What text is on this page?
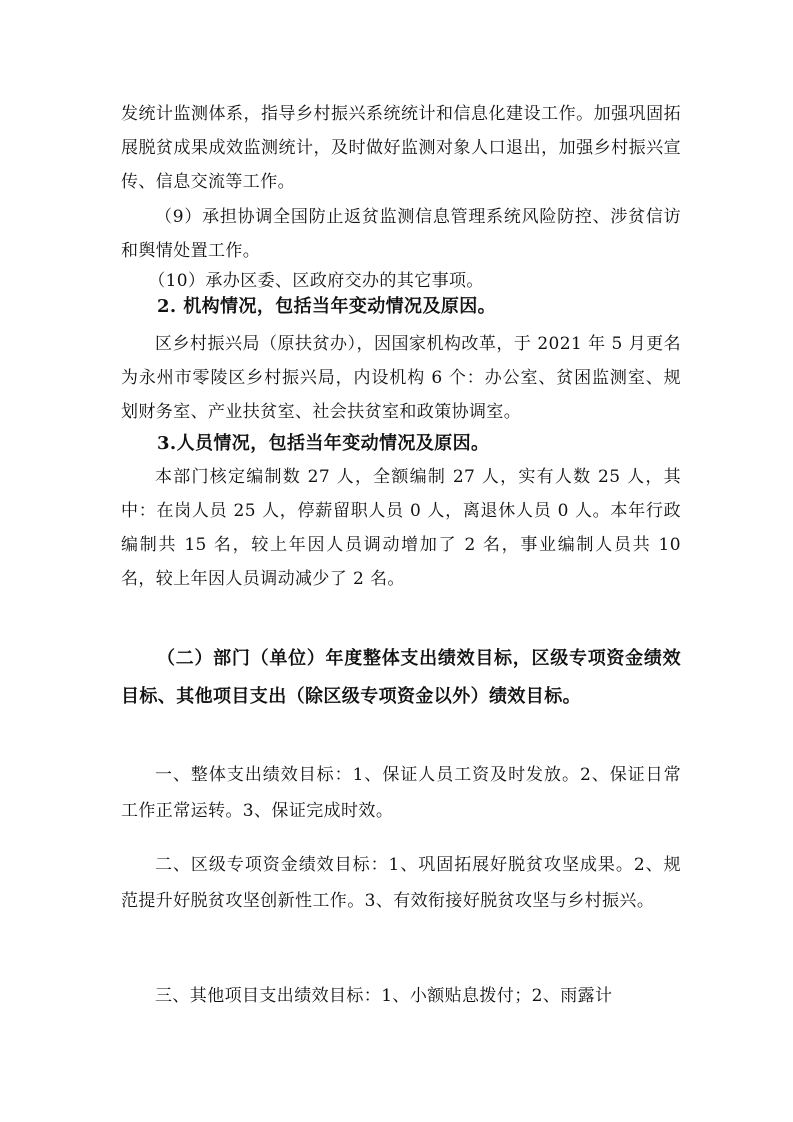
发统计监测体系，指导乡村振兴系统统计和信息化建设工作。加强巩固拓展脱贫成果成效监测统计，及时做好监测对象人口退出，加强乡村振兴宣传、信息交流等工作。

（9）承担协调全国防止返贫监测信息管理系统风险防控、涉贫信访和舆情处置工作。

（10）承办区委、区政府交办的其它事项。

2. 机构情况，包括当年变动情况及原因。

区乡村振兴局（原扶贫办），因国家机构改革，于 2021 年 5 月更名为永州市零陵区乡村振兴局，内设机构 6 个：办公室、贫困监测室、规划财务室、产业扶贫室、社会扶贫室和政策协调室。

3.人员情况，包括当年变动情况及原因。

本部门核定编制数 27 人，全额编制 27 人，实有人数 25 人，其中：在岗人员 25 人，停薪留职人员 0 人，离退休人员 0 人。本年行政编制共 15 名，较上年因人员调动增加了 2 名，事业编制人员共 10 名，较上年因人员调动减少了 2 名。

（二）部门（单位）年度整体支出绩效目标，区级专项资金绩效目标、其他项目支出（除区级专项资金以外）绩效目标。

一、整体支出绩效目标：1、保证人员工资及时发放。2、保证日常工作正常运转。3、保证完成时效。

二、区级专项资金绩效目标：1、巩固拓展好脱贫攻坚成果。2、规范提升好脱贫攻坚创新性工作。3、有效衔接好脱贫攻坚与乡村振兴。

三、其他项目支出绩效目标：1、小额贴息拨付；2、雨露计
